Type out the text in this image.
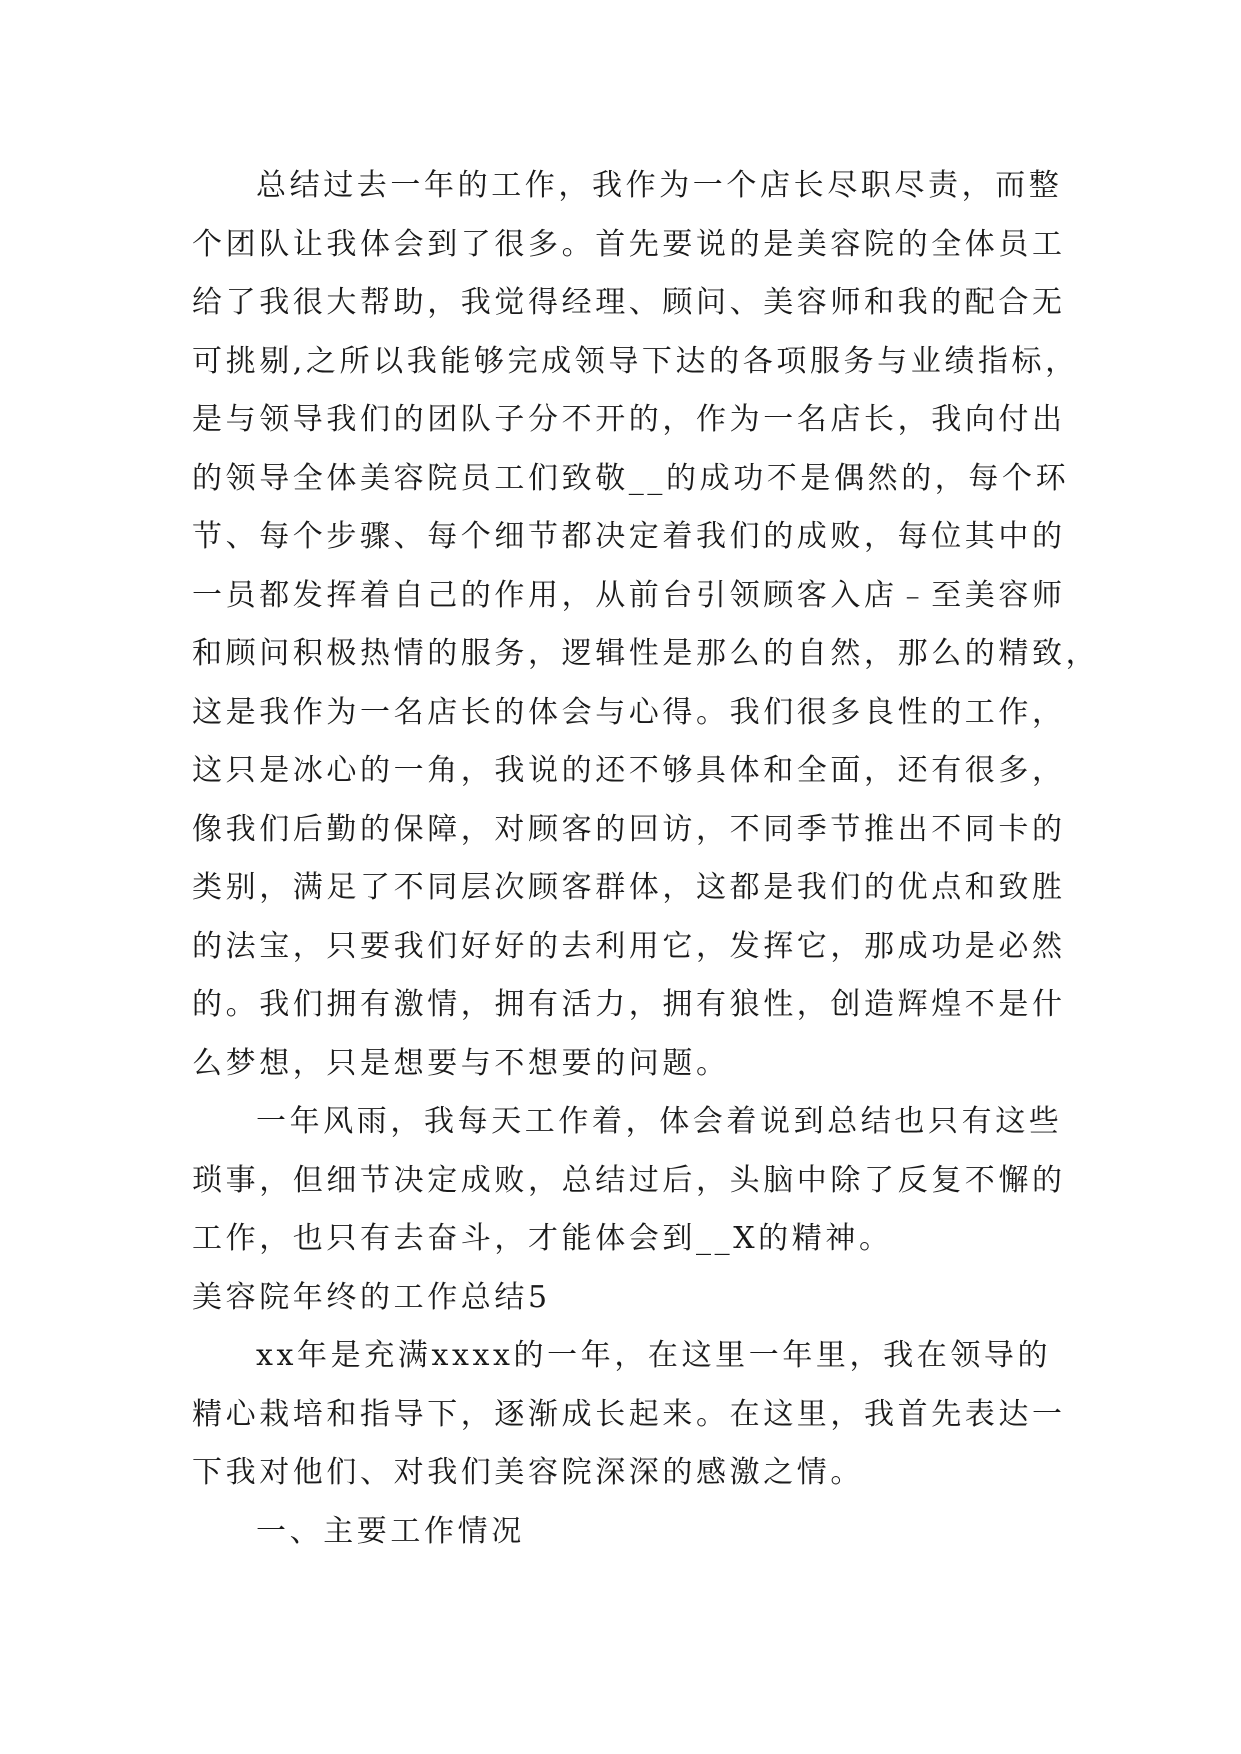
总结过去一年的工作，我作为一个店长尽职尽责，而整
个团队让我体会到了很多。首先要说的是美容院的全体员工
给了我很大帮助，我觉得经理、顾问、美容师和我的配合无
可挑剔,之所以我能够完成领导下达的各项服务与业绩指标，
是与领导我们的团队子分不开的，作为一名店长，我向付出
的领导全体美容院员工们致敬__的成功不是偶然的，每个环
节、每个步骤、每个细节都决定着我们的成败，每位其中的
一员都发挥着自己的作用，从前台引领顾客入店﹣至美容师
和顾问积极热情的服务，逻辑性是那么的自然，那么的精致，
这是我作为一名店长的体会与心得。我们很多良性的工作，
这只是冰心的一角，我说的还不够具体和全面，还有很多，
像我们后勤的保障，对顾客的回访，不同季节推出不同卡的
类别，满足了不同层次顾客群体，这都是我们的优点和致胜
的法宝，只要我们好好的去利用它，发挥它，那成功是必然
的。我们拥有激情，拥有活力，拥有狼性，创造辉煌不是什
么梦想，只是想要与不想要的问题。
一年风雨，我每天工作着，体会着说到总结也只有这些
琐事，但细节决定成败，总结过后，头脑中除了反复不懈的
工作，也只有去奋斗，才能体会到__X的精神。
美容院年终的工作总结5
xx年是充满xxxx的一年，在这里一年里，我在领导的
精心栽培和指导下，逐渐成长起来。在这里，我首先表达一
下我对他们、对我们美容院深深的感激之情。
一、主要工作情况
